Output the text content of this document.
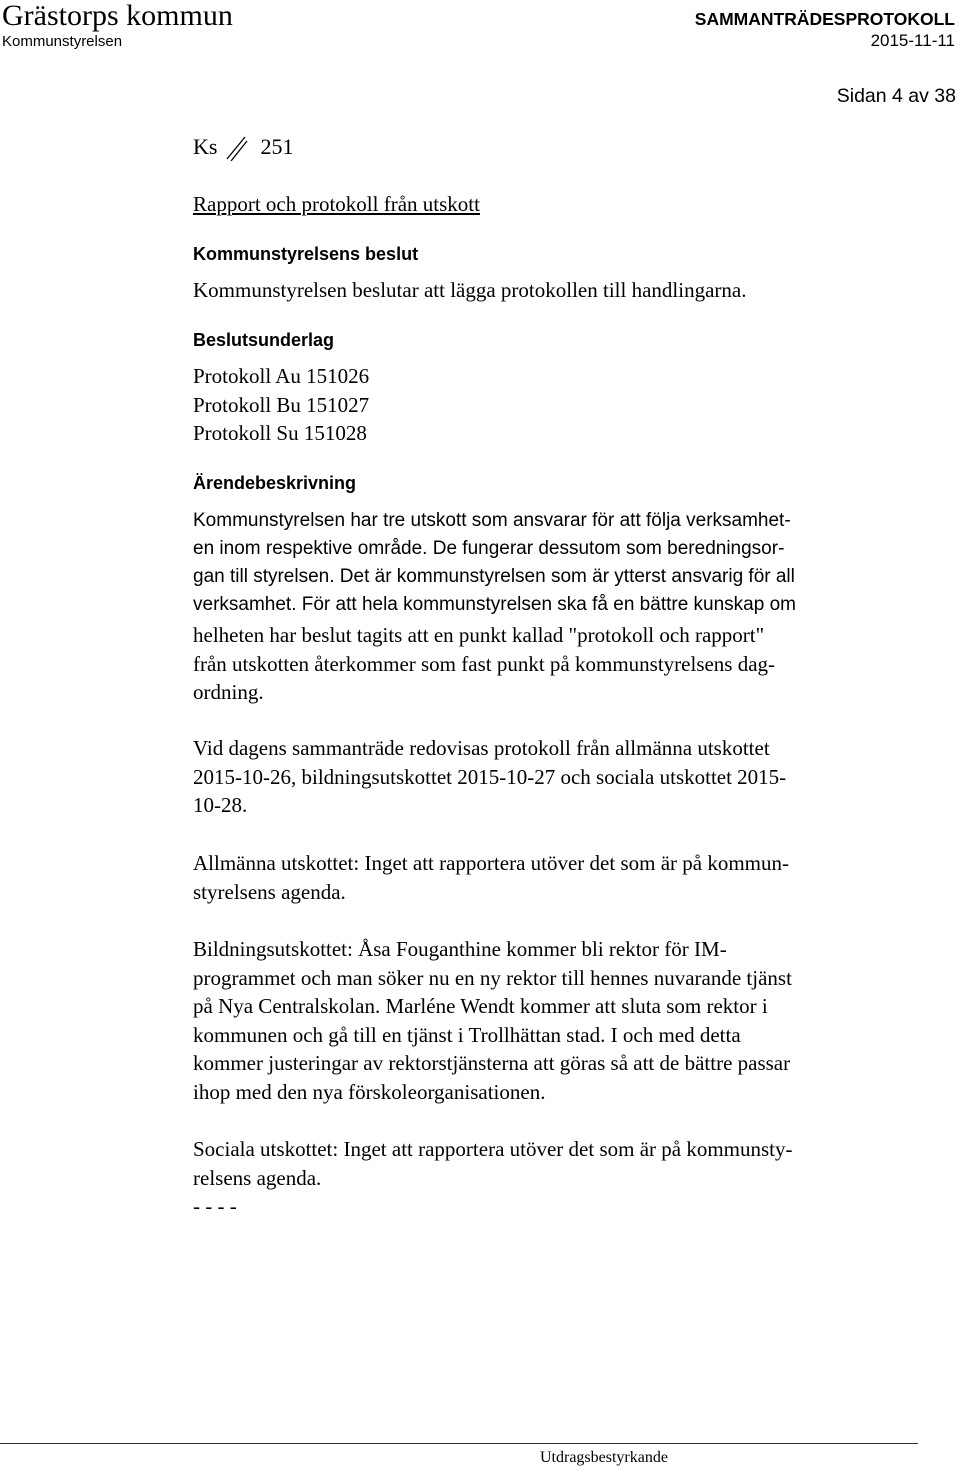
Grästorps kommun
Kommunstyrelsen
SAMMANTRÄDESPROTOKOLL
2015-11-11
Sidan 4 av 38
Ks 251
Rapport och protokoll från utskott
Kommunstyrelsens beslut
Kommunstyrelsen beslutar att lägga protokollen till handlingarna.
Beslutsunderlag
Protokoll Au 151026
Protokoll Bu 151027
Protokoll Su 151028
Ärendebeskrivning
Kommunstyrelsen har tre utskott som ansvarar för att följa verksamhet-
en inom respektive område. De fungerar dessutom som beredningsor-
gan till styrelsen. Det är kommunstyrelsen som är ytterst ansvarig för all
verksamhet. För att hela kommunstyrelsen ska få en bättre kunskap om
helheten har beslut tagits att en punkt kallad "protokoll och rapport"
från utskotten återkommer som fast punkt på kommunstyrelsens dag-
ordning.
Vid dagens sammanträde redovisas protokoll från allmänna utskottet
2015-10-26, bildningsutskottet 2015-10-27 och sociala utskottet 2015-
10-28.
Allmänna utskottet: Inget att rapportera utöver det som är på kommun-
styrelsens agenda.
Bildningsutskottet: Åsa Fouganthine kommer bli rektor för IM-
programmet och man söker nu en ny rektor till hennes nuvarande tjänst
på Nya Centralskolan. Marléne Wendt kommer att sluta som rektor i
kommunen och gå till en tjänst i Trollhättan stad. I och med detta
kommer justeringar av rektorstjänsterna att göras så att de bättre passar
ihop med den nya förskoleorganisationen.
Sociala utskottet: Inget att rapportera utöver det som är på kommunsty-
relsens agenda.
- - - -
Utdragsbestyrkande
